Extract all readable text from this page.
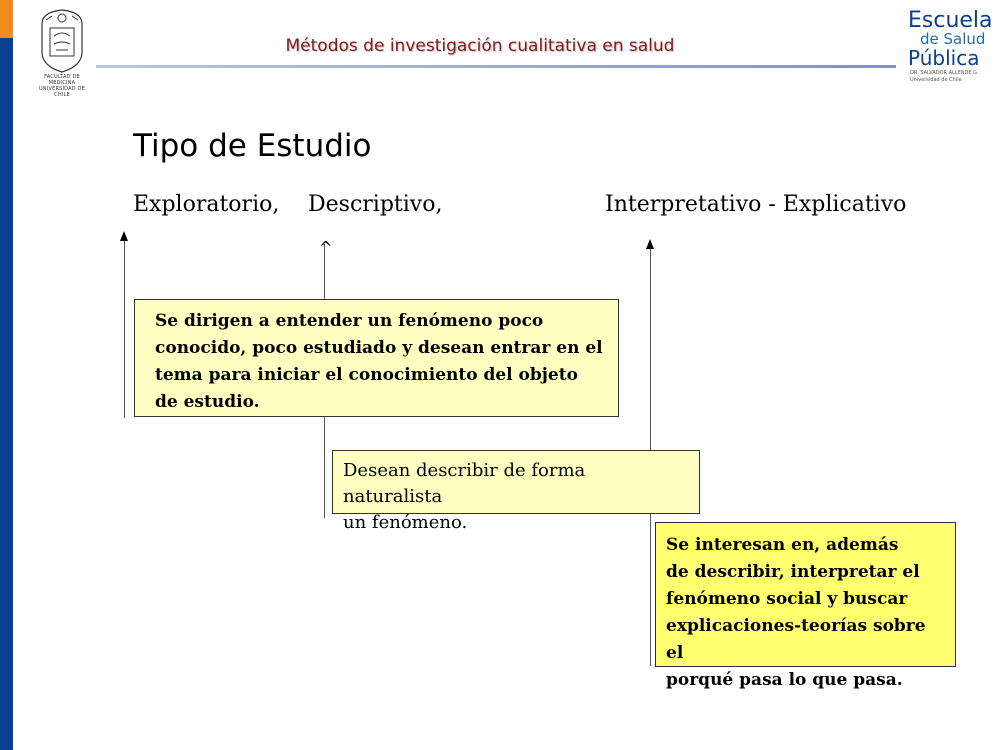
FACULTAD DE MEDICINA
UNIVERSIDAD DE CHILE
Métodos de investigación cualitativa en salud
Escuela
de Salud
Pública
DR. SALVADOR ALLENDE G.
Universidad de Chile
Tipo de Estudio
Exploratorio, Descriptivo,	Interpretativo - Explicativo
^

Se dirigen a entender un fenómeno poco
conocido, poco estudiado y desean entrar en el
tema para iniciar el conocimiento del objeto
de estudio.

Desean describir de forma naturalista
un fenómeno.

Se interesan en, además
de describir, interpretar el
fenómeno social y buscar
explicaciones-teorías sobre el
porqué pasa lo que pasa.
